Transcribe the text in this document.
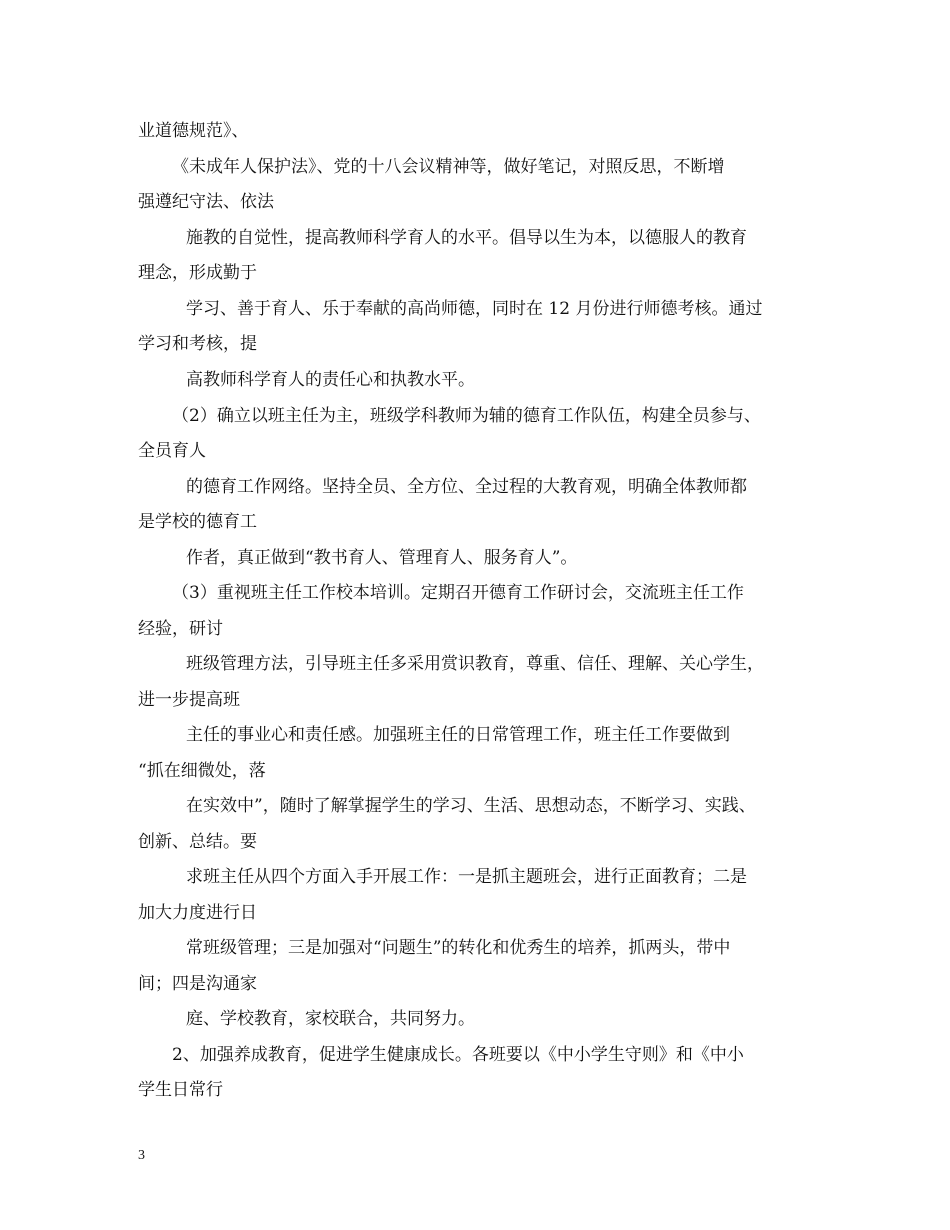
业道德规范》、
《未成年人保护法》、党的十八会议精神等，做好笔记，对照反思，不断增
强遵纪守法、依法
施教的自觉性，提高教师科学育人的水平。倡导以生为本，以德服人的教育
理念，形成勤于
学习、善于育人、乐于奉献的高尚师德，同时在 12 月份进行师德考核。通过
学习和考核，提
高教师科学育人的责任心和执教水平。
（2）确立以班主任为主，班级学科教师为辅的德育工作队伍，构建全员参与、
全员育人
的德育工作网络。坚持全员、全方位、全过程的大教育观，明确全体教师都
是学校的德育工
作者，真正做到“教书育人、管理育人、服务育人”。
（3）重视班主任工作校本培训。定期召开德育工作研讨会，交流班主任工作
经验，研讨
班级管理方法，引导班主任多采用赏识教育，尊重、信任、理解、关心学生，
进一步提高班
主任的事业心和责任感。加强班主任的日常管理工作，班主任工作要做到
“抓在细微处，落
在实效中”，随时了解掌握学生的学习、生活、思想动态，不断学习、实践、
创新、总结。要
求班主任从四个方面入手开展工作：一是抓主题班会，进行正面教育；二是
加大力度进行日
常班级管理；三是加强对“问题生”的转化和优秀生的培养，抓两头，带中
间；四是沟通家
庭、学校教育，家校联合，共同努力。
2、加强养成教育，促进学生健康成长。各班要以《中小学生守则》和《中小
学生日常行
3
